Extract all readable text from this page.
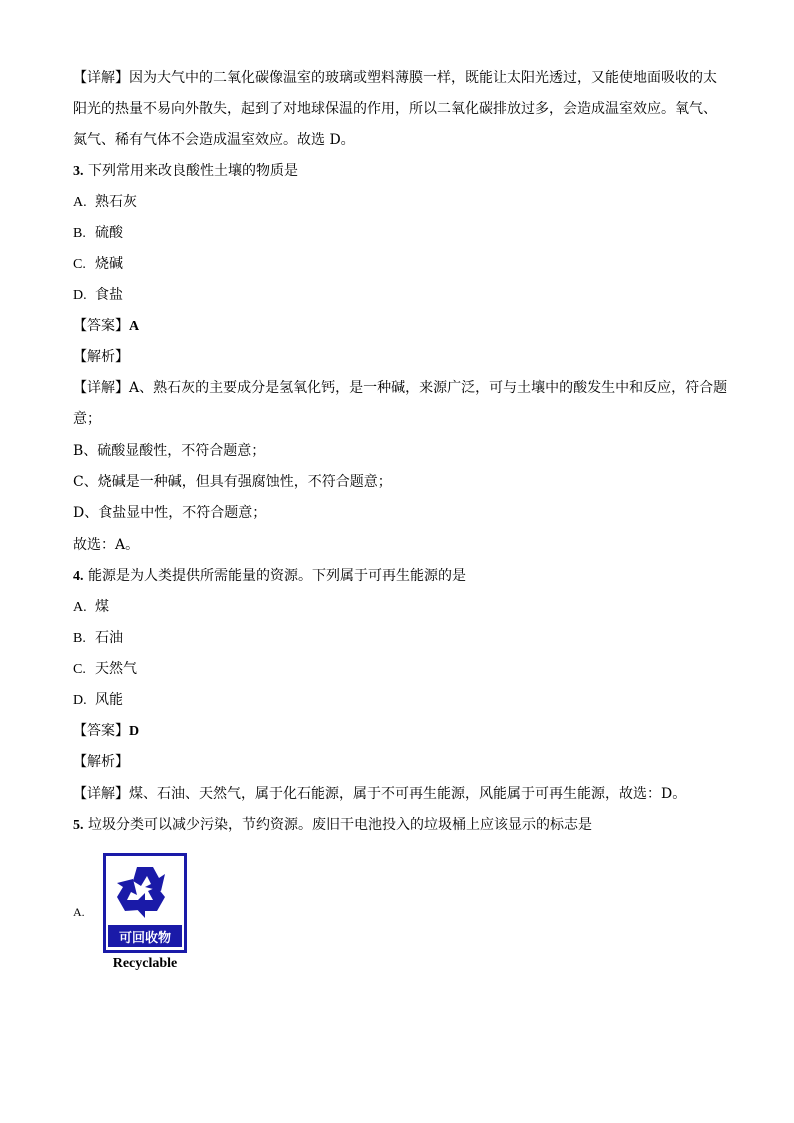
【详解】因为大气中的二氧化碳像温室的玻璃或塑料薄膜一样，既能让太阳光透过，又能使地面吸收的太
阳光的热量不易向外散失，起到了对地球保温的作用，所以二氧化碳排放过多，会造成温室效应。氧气、
氮气、稀有气体不会造成温室效应。故选 D。
3. 下列常用来改良酸性土壤的物质是
A. 熟石灰
B. 硫酸
C. 烧碱
D. 食盐
【答案】A
【解析】
【详解】A、熟石灰的主要成分是氢氧化钙，是一种碱，来源广泛，可与土壤中的酸发生中和反应，符合题
意；
B、硫酸显酸性，不符合题意；
C、烧碱是一种碱，但具有强腐蚀性，不符合题意；
D、食盐显中性，不符合题意；
故选：A。
4. 能源是为人类提供所需能量的资源。下列属于可再生能源的是
A. 煤
B. 石油
C. 天然气
D. 风能
【答案】D
【解析】
【详解】煤、石油、天然气，属于化石能源，属于不可再生能源，风能属于可再生能源，故选：D。
5. 垃圾分类可以减少污染，节约资源。废旧干电池投入的垃圾桶上应该显示的标志是
A.
可回收物
Recyclable
